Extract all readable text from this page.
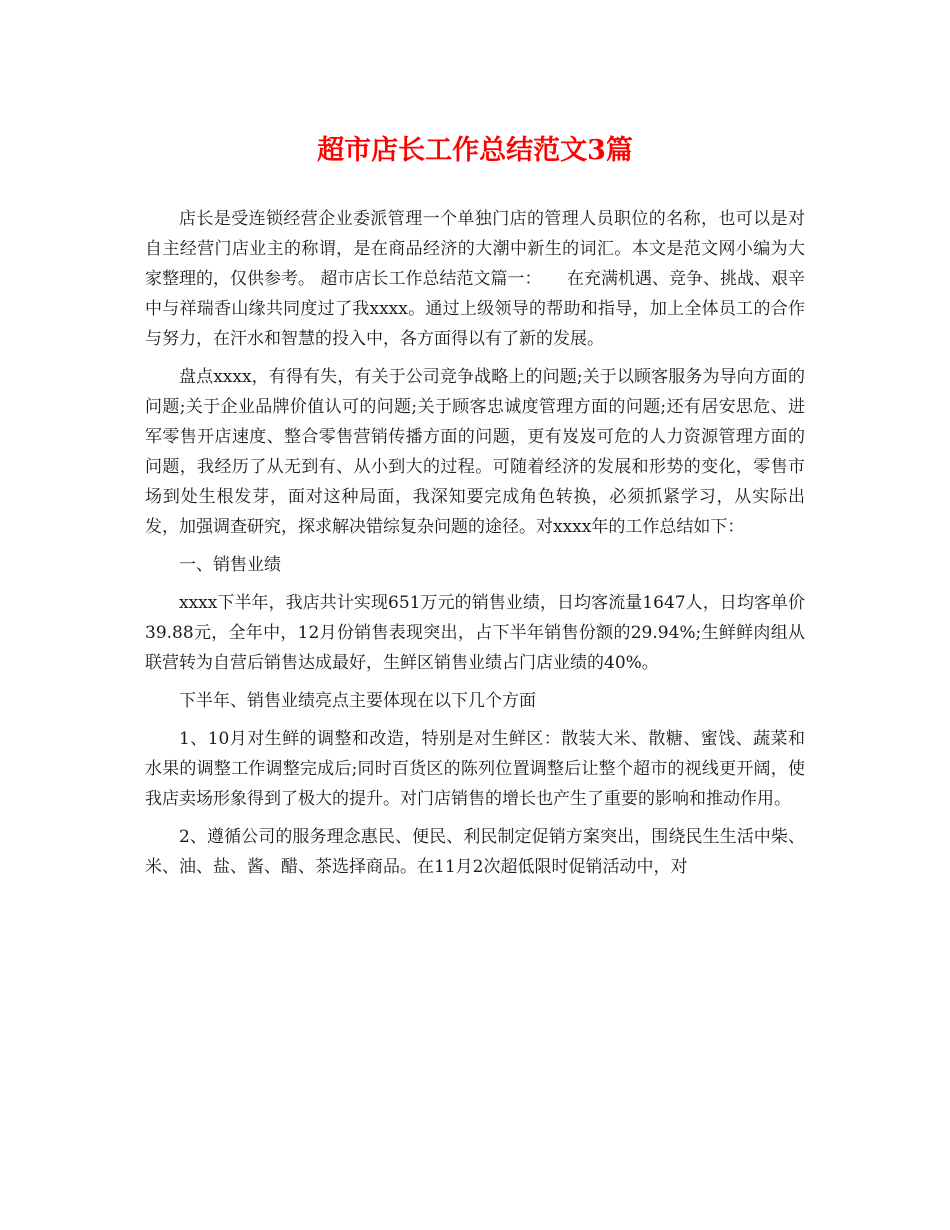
超市店长工作总结范文3篇

店长是受连锁经营企业委派管理一个单独门店的管理人员职位的名称，也可以是对自主经营门店业主的称谓，是在商品经济的大潮中新生的词汇。本文是范文网小编为大家整理的，仅供参考。 超市店长工作总结范文篇一：　　在充满机遇、竞争、挑战、艰辛中与祥瑞香山缘共同度过了我xxxx。通过上级领导的帮助和指导，加上全体员工的合作与努力，在汗水和智慧的投入中，各方面得以有了新的发展。

盘点xxxx，有得有失，有关于公司竞争战略上的问题;关于以顾客服务为导向方面的问题;关于企业品牌价值认可的问题;关于顾客忠诚度管理方面的问题;还有居安思危、进军零售开店速度、整合零售营销传播方面的问题，更有岌岌可危的人力资源管理方面的问题，我经历了从无到有、从小到大的过程。可随着经济的发展和形势的变化，零售市场到处生根发芽，面对这种局面，我深知要完成角色转换，必须抓紧学习，从实际出发，加强调查研究，探求解决错综复杂问题的途径。对xxxx年的工作总结如下：

一、销售业绩

xxxx下半年，我店共计实现651万元的销售业绩，日均客流量1647人，日均客单价39.88元，全年中，12月份销售表现突出，占下半年销售份额的29.94%;生鲜鲜肉组从联营转为自营后销售达成最好，生鲜区销售业绩占门店业绩的40%。

下半年、销售业绩亮点主要体现在以下几个方面

1、10月对生鲜的调整和改造，特别是对生鲜区：散装大米、散糖、蜜饯、蔬菜和水果的调整工作调整完成后;同时百货区的陈列位置调整后让整个超市的视线更开阔，使我店卖场形象得到了极大的提升。对门店销售的增长也产生了重要的影响和推动作用。

2、遵循公司的服务理念惠民、便民、利民制定促销方案突出，围绕民生生活中柴、米、油、盐、酱、醋、茶选择商品。在11月2次超低限时促销活动中，对
